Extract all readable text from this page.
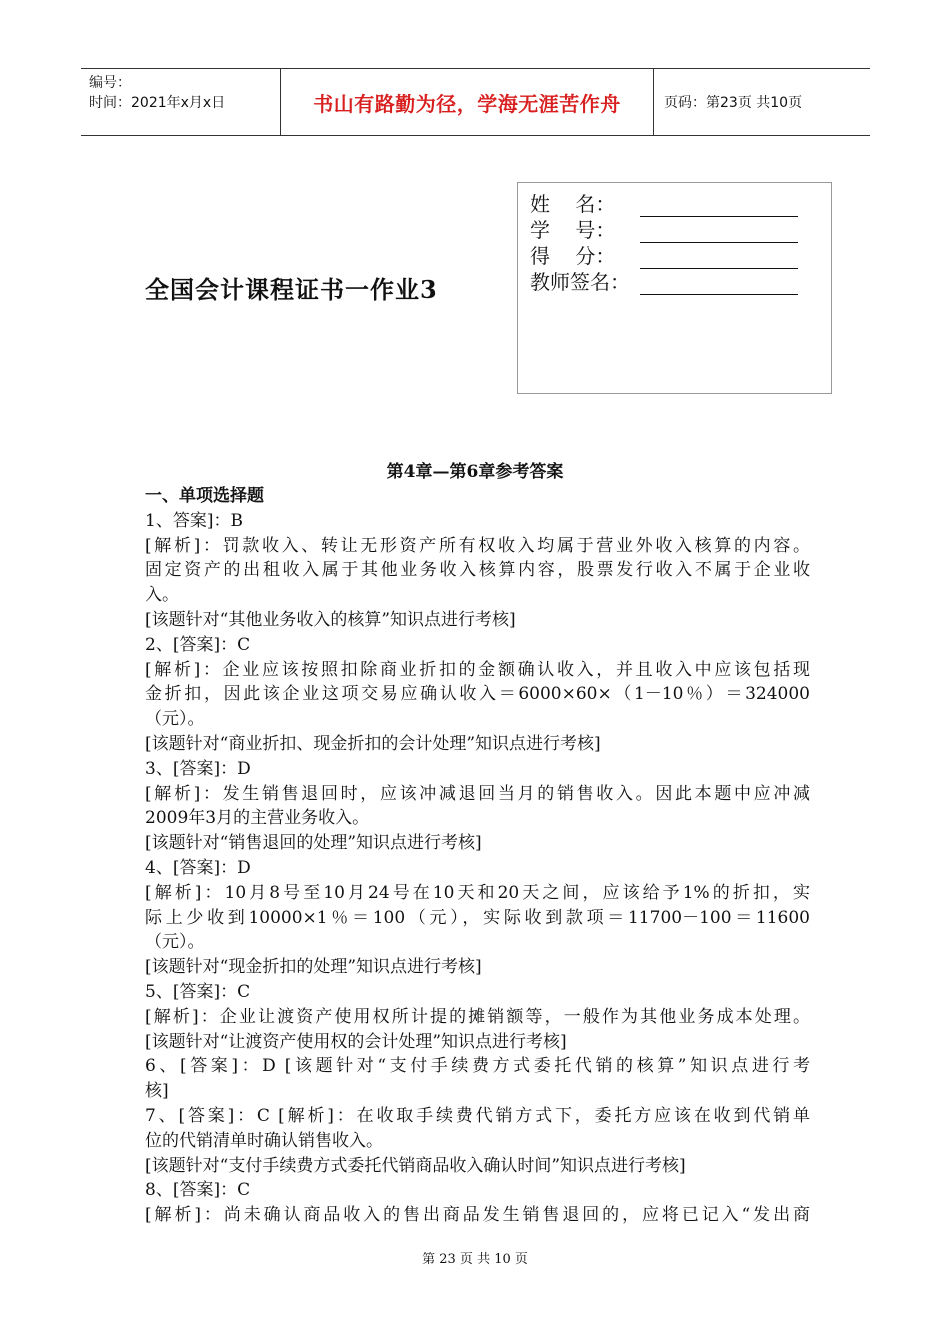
编号：
时间：2021年x月x日	书山有路勤为径，学海无涯苦作舟	页码：第23页 共10页
全国会计课程证书一作业3
姓    名：
学    号：
得    分：
教师签名：
第4章—第6章参考答案

一、单项选择题

1、答案]：B

[解析]：罚款收入、转让无形资产所有权收入均属于营业外收入核算的内容。

固定资产的出租收入属于其他业务收入核算内容，股票发行收入不属于企业收

入。

[该题针对“其他业务收入的核算”知识点进行考核]

2、[答案]：C

[解析]：企业应该按照扣除商业折扣的金额确认收入，并且收入中应该包括现

金折扣，因此该企业这项交易应确认收入＝6000×60×（1－10％）＝324000

（元）。

[该题针对“商业折扣、现金折扣的会计处理”知识点进行考核]

3、[答案]：D

[解析]：发生销售退回时，应该冲减退回当月的销售收入。因此本题中应冲减

2009年3月的主营业务收入。

[该题针对“销售退回的处理”知识点进行考核]

4、[答案]：D

[解析]：10月8号至10月24号在10天和20天之间，应该给予1%的折扣，实

际上少收到10000×1％＝100（元），实际收到款项＝11700－100＝11600

（元）。

[该题针对“现金折扣的处理”知识点进行考核]

5、[答案]：C

[解析]：企业让渡资产使用权所计提的摊销额等，一般作为其他业务成本处理。

[该题针对“让渡资产使用权的会计处理”知识点进行考核]

6、[答案]：D [该题针对“支付手续费方式委托代销的核算”知识点进行考

核]

7、[答案]：C [解析]：在收取手续费代销方式下，委托方应该在收到代销单

位的代销清单时确认销售收入。

[该题针对“支付手续费方式委托代销商品收入确认时间”知识点进行考核]

8、[答案]：C

[解析]：尚未确认商品收入的售出商品发生销售退回的，应将已记入“发出商

第 23 页 共 10 页
